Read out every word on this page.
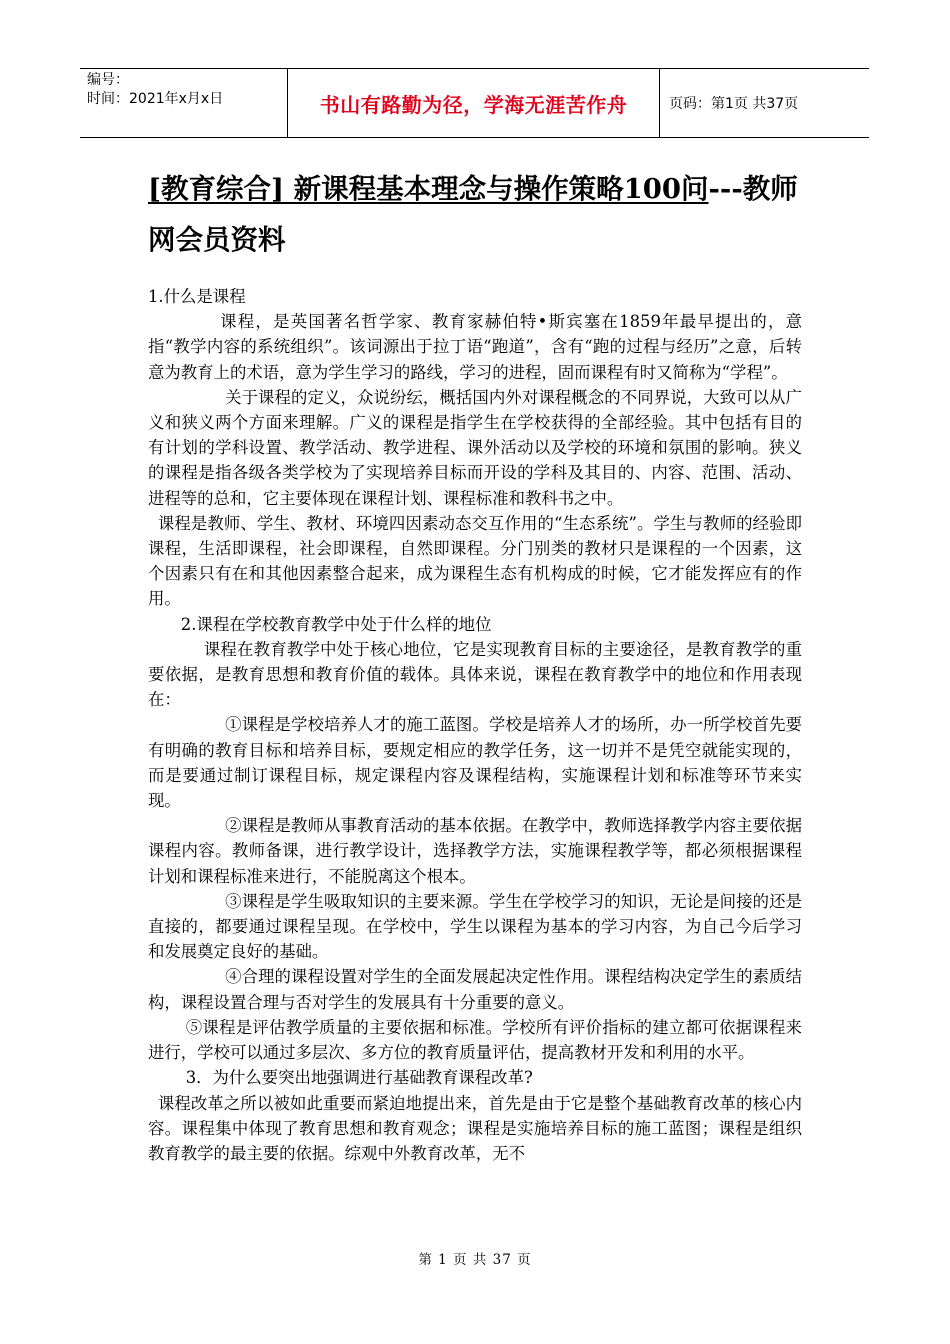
编号：
时间：2021年x月x日	书山有路勤为径，学海无涯苦作舟	页码：第1页 共37页
[教育综合] 新课程基本理念与操作策略100问---教师网会员资料

1.什么是课程

课程，是英国著名哲学家、教育家赫伯特•斯宾塞在1859年最早提出的，意指“教学内容的系统组织”。该词源出于拉丁语“跑道”，含有“跑的过程与经历”之意，后转意为教育上的术语，意为学生学习的路线，学习的进程，固而课程有时又简称为“学程”。

关于课程的定义，众说纷纭，概括国内外对课程概念的不同界说，大致可以从广义和狭义两个方面来理解。广义的课程是指学生在学校获得的全部经验。其中包括有目的有计划的学科设置、教学活动、教学进程、课外活动以及学校的环境和氛围的影响。狭义的课程是指各级各类学校为了实现培养目标而开设的学科及其目的、内容、范围、活动、进程等的总和，它主要体现在课程计划、课程标准和教科书之中。

课程是教师、学生、教材、环境四因素动态交互作用的“生态系统”。学生与教师的经验即课程，生活即课程，社会即课程，自然即课程。分门别类的教材只是课程的一个因素，这个因素只有在和其他因素整合起来，成为课程生态有机构成的时候，它才能发挥应有的作用。

2.课程在学校教育教学中处于什么样的地位

课程在教育教学中处于核心地位，它是实现教育目标的主要途径，是教育教学的重要依据，是教育思想和教育价值的载体。具体来说，课程在教育教学中的地位和作用表现在：

①课程是学校培养人才的施工蓝图。学校是培养人才的场所，办一所学校首先要有明确的教育目标和培养目标，要规定相应的教学任务，这一切并不是凭空就能实现的，而是要通过制订课程目标，规定课程内容及课程结构，实施课程计划和标准等环节来实现。

②课程是教师从事教育活动的基本依据。在教学中，教师选择教学内容主要依据课程内容。教师备课，进行教学设计，选择教学方法，实施课程教学等，都必须根据课程计划和课程标准来进行，不能脱离这个根本。

③课程是学生吸取知识的主要来源。学生在学校学习的知识，无论是间接的还是直接的，都要通过课程呈现。在学校中，学生以课程为基本的学习内容，为自己今后学习和发展奠定良好的基础。

④合理的课程设置对学生的全面发展起决定性作用。课程结构决定学生的素质结构，课程设置合理与否对学生的发展具有十分重要的意义。

⑤课程是评估教学质量的主要依据和标准。学校所有评价指标的建立都可依据课程来进行，学校可以通过多层次、多方位的教育质量评估，提高教材开发和利用的水平。

3．为什么要突出地强调进行基础教育课程改革?

课程改革之所以被如此重要而紧迫地提出来，首先是由于它是整个基础教育改革的核心内容。课程集中体现了教育思想和教育观念；课程是实施培养目标的施工蓝图；课程是组织教育教学的最主要的依据。综观中外教育改革，无不

第 1 页 共 37 页
